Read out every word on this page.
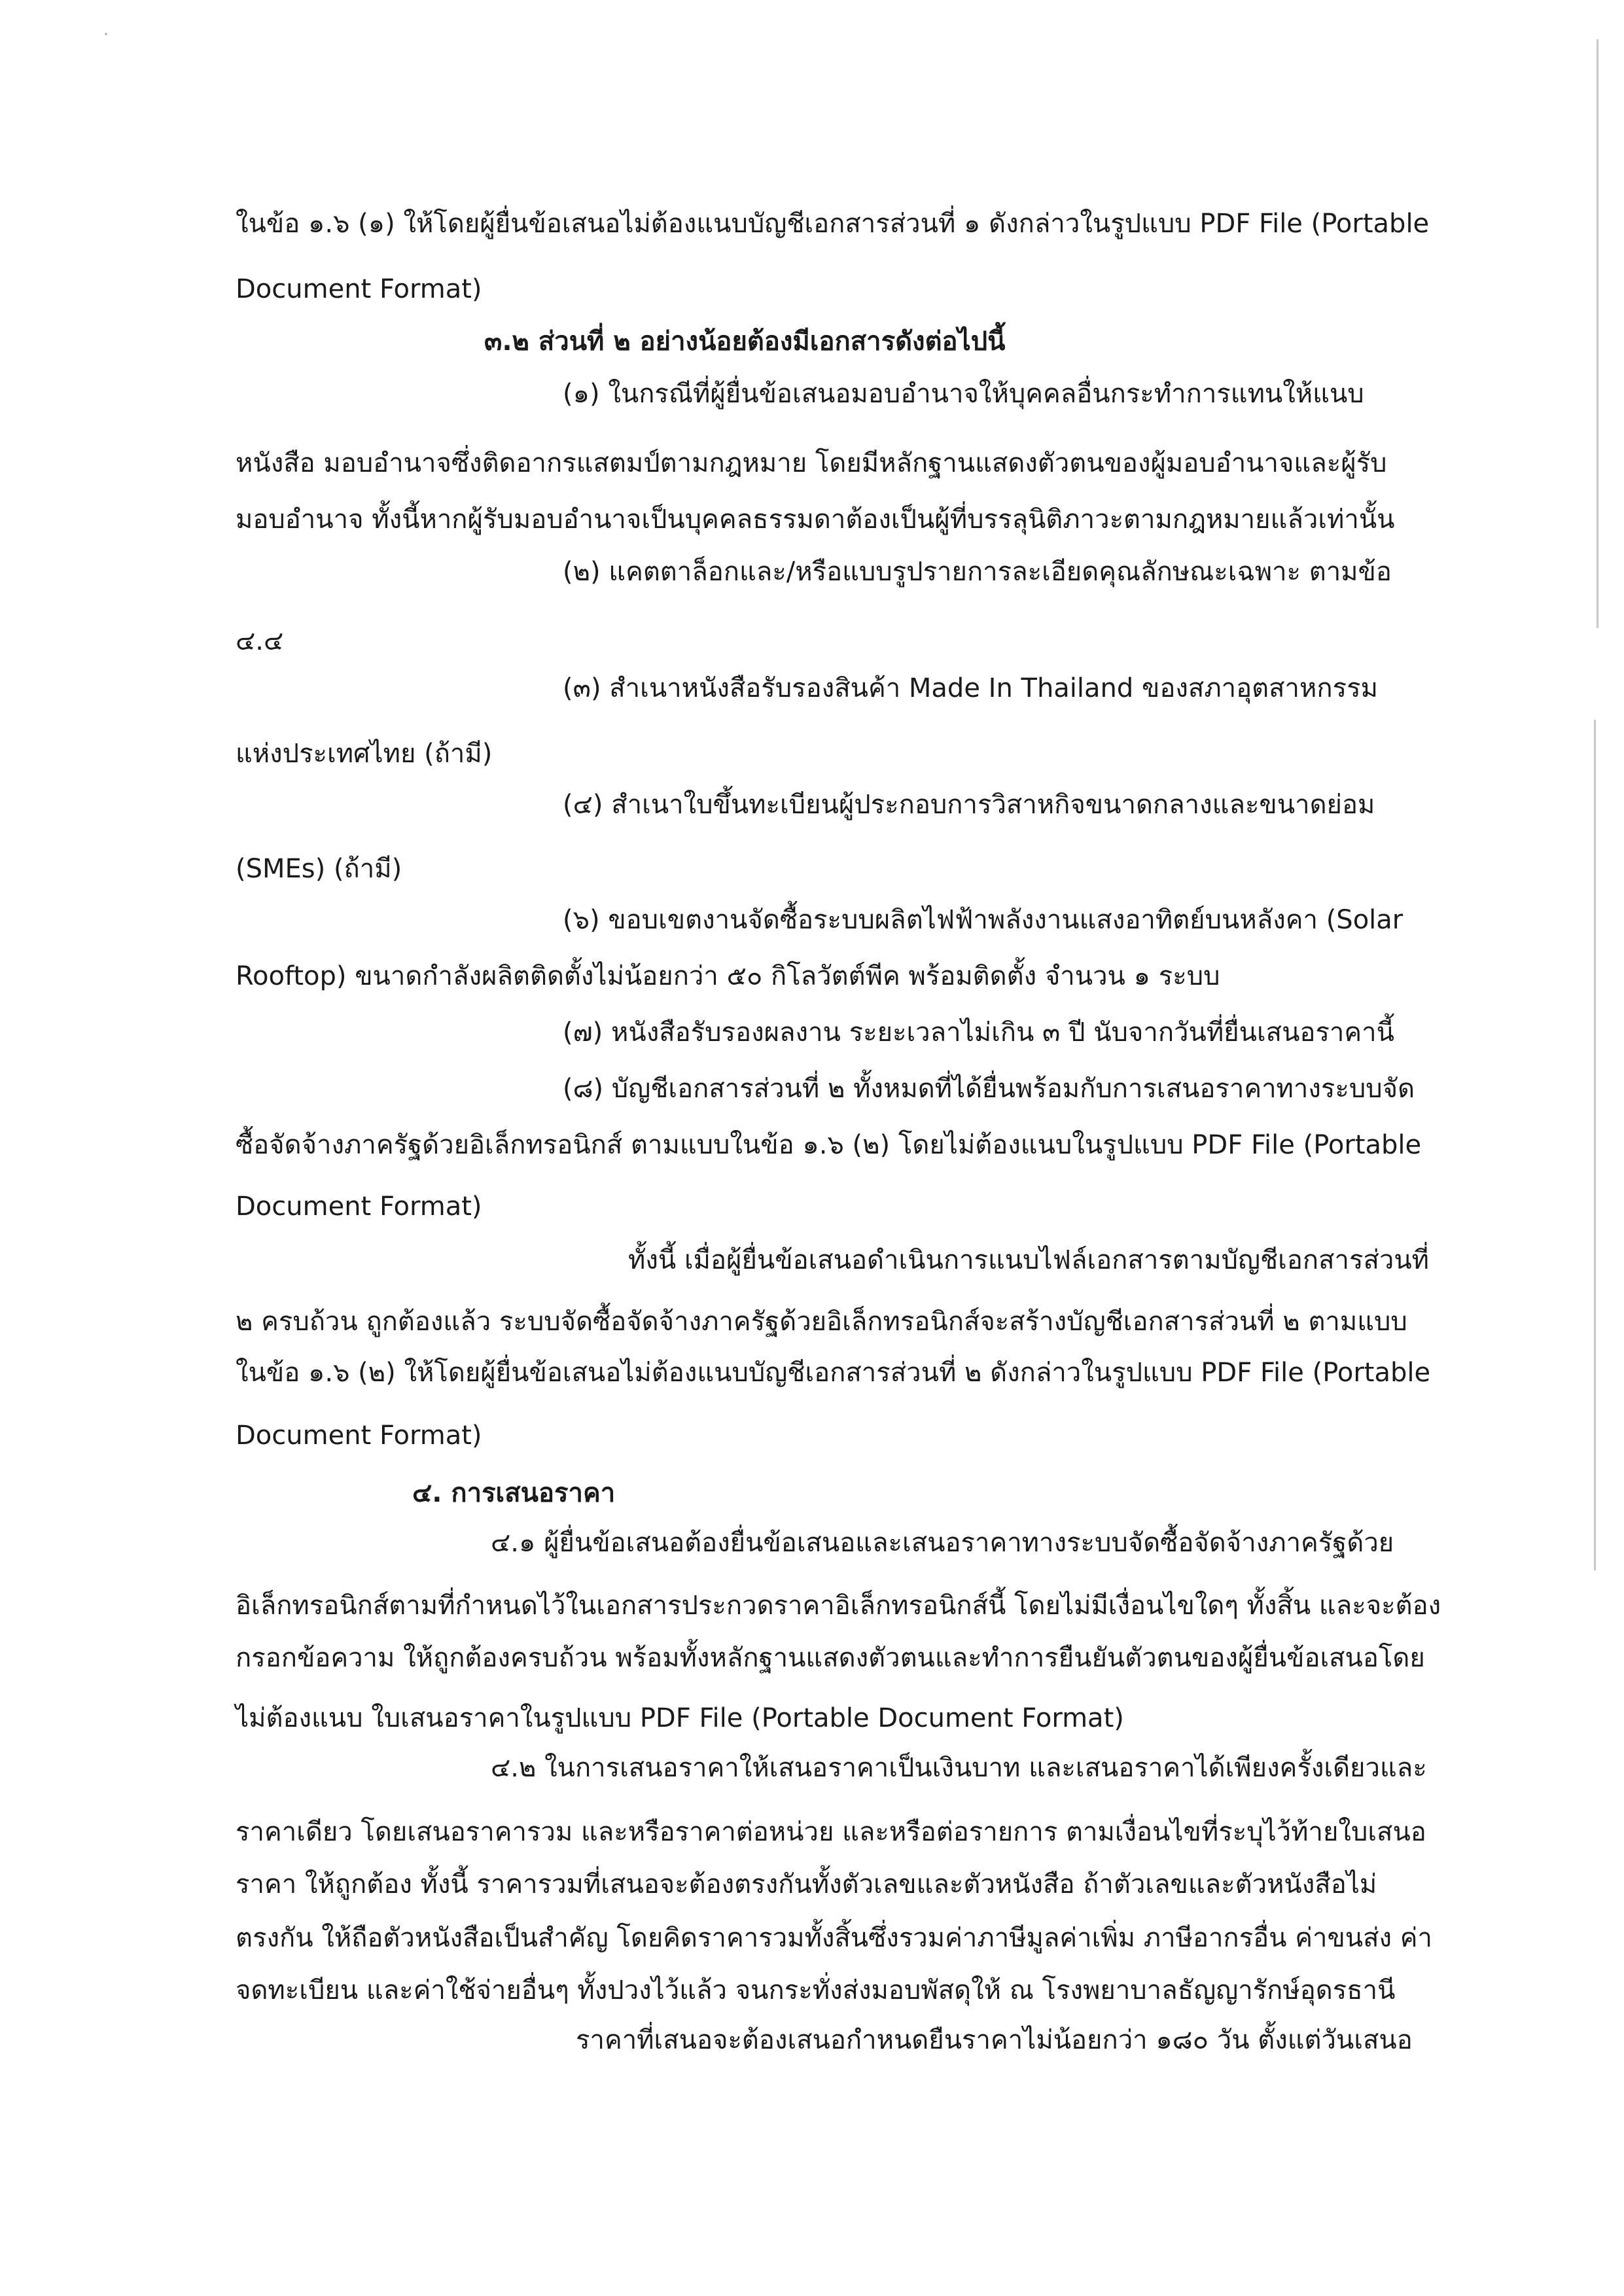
ในข้อ ๑.๖ (๑) ให้โดยผู้ยื่นข้อเสนอไม่ต้องแนบบัญชีเอกสารส่วนที่ ๑ ดังกล่าวในรูปแบบ PDF File (Portable

Document Format)

๓.๒ ส่วนที่ ๒ อย่างน้อยต้องมีเอกสารดังต่อไปนี้

(๑) ในกรณีที่ผู้ยื่นข้อเสนอมอบอำนาจให้บุคคลอื่นกระทำการแทนให้แนบ

หนังสือ มอบอำนาจซึ่งติดอากรแสตมป์ตามกฎหมาย โดยมีหลักฐานแสดงตัวตนของผู้มอบอำนาจและผู้รับ

มอบอำนาจ ทั้งนี้หากผู้รับมอบอำนาจเป็นบุคคลธรรมดาต้องเป็นผู้ที่บรรลุนิติภาวะตามกฎหมายแล้วเท่านั้น

(๒) แคตตาล็อกและ/หรือแบบรูปรายการละเอียดคุณลักษณะเฉพาะ ตามข้อ

๔.๔

(๓) สำเนาหนังสือรับรองสินค้า Made In Thailand ของสภาอุตสาหกรรม

แห่งประเทศไทย (ถ้ามี)

(๔) สำเนาใบขึ้นทะเบียนผู้ประกอบการวิสาหกิจขนาดกลางและขนาดย่อม

(SMEs) (ถ้ามี)

(๖) ขอบเขตงานจัดซื้อระบบผลิตไฟฟ้าพลังงานแสงอาทิตย์บนหลังคา (Solar

Rooftop) ขนาดกำลังผลิตติดตั้งไม่น้อยกว่า ๕๐ กิโลวัตต์พีค พร้อมติดตั้ง จำนวน ๑ ระบบ

(๗) หนังสือรับรองผลงาน ระยะเวลาไม่เกิน ๓ ปี นับจากวันที่ยื่นเสนอราคานี้

(๘) บัญชีเอกสารส่วนที่ ๒ ทั้งหมดที่ได้ยื่นพร้อมกับการเสนอราคาทางระบบจัด

ซื้อจัดจ้างภาครัฐด้วยอิเล็กทรอนิกส์ ตามแบบในข้อ ๑.๖ (๒) โดยไม่ต้องแนบในรูปแบบ PDF File (Portable

Document Format)

ทั้งนี้ เมื่อผู้ยื่นข้อเสนอดำเนินการแนบไฟล์เอกสารตามบัญชีเอกสารส่วนที่

๒ ครบถ้วน ถูกต้องแล้ว ระบบจัดซื้อจัดจ้างภาครัฐด้วยอิเล็กทรอนิกส์จะสร้างบัญชีเอกสารส่วนที่ ๒ ตามแบบ

ในข้อ ๑.๖ (๒) ให้โดยผู้ยื่นข้อเสนอไม่ต้องแนบบัญชีเอกสารส่วนที่ ๒ ดังกล่าวในรูปแบบ PDF File (Portable

Document Format)

๔. การเสนอราคา

๔.๑ ผู้ยื่นข้อเสนอต้องยื่นข้อเสนอและเสนอราคาทางระบบจัดซื้อจัดจ้างภาครัฐด้วย

อิเล็กทรอนิกส์ตามที่กำหนดไว้ในเอกสารประกวดราคาอิเล็กทรอนิกส์นี้ โดยไม่มีเงื่อนไขใดๆ ทั้งสิ้น และจะต้อง

กรอกข้อความ ให้ถูกต้องครบถ้วน พร้อมทั้งหลักฐานแสดงตัวตนและทำการยืนยันตัวตนของผู้ยื่นข้อเสนอโดย

ไม่ต้องแนบ ใบเสนอราคาในรูปแบบ PDF File (Portable Document Format)

๔.๒ ในการเสนอราคาให้เสนอราคาเป็นเงินบาท และเสนอราคาได้เพียงครั้งเดียวและ

ราคาเดียว โดยเสนอราคารวม และหรือราคาต่อหน่วย และหรือต่อรายการ ตามเงื่อนไขที่ระบุไว้ท้ายใบเสนอ

ราคา ให้ถูกต้อง ทั้งนี้ ราคารวมที่เสนอจะต้องตรงกันทั้งตัวเลขและตัวหนังสือ ถ้าตัวเลขและตัวหนังสือไม่

ตรงกัน ให้ถือตัวหนังสือเป็นสำคัญ โดยคิดราคารวมทั้งสิ้นซึ่งรวมค่าภาษีมูลค่าเพิ่ม ภาษีอากรอื่น ค่าขนส่ง ค่า

จดทะเบียน และค่าใช้จ่ายอื่นๆ ทั้งปวงไว้แล้ว จนกระทั่งส่งมอบพัสดุให้ ณ โรงพยาบาลธัญญารักษ์อุดรธานี

ราคาที่เสนอจะต้องเสนอกำหนดยืนราคาไม่น้อยกว่า ๑๘๐ วัน ตั้งแต่วันเสนอ
